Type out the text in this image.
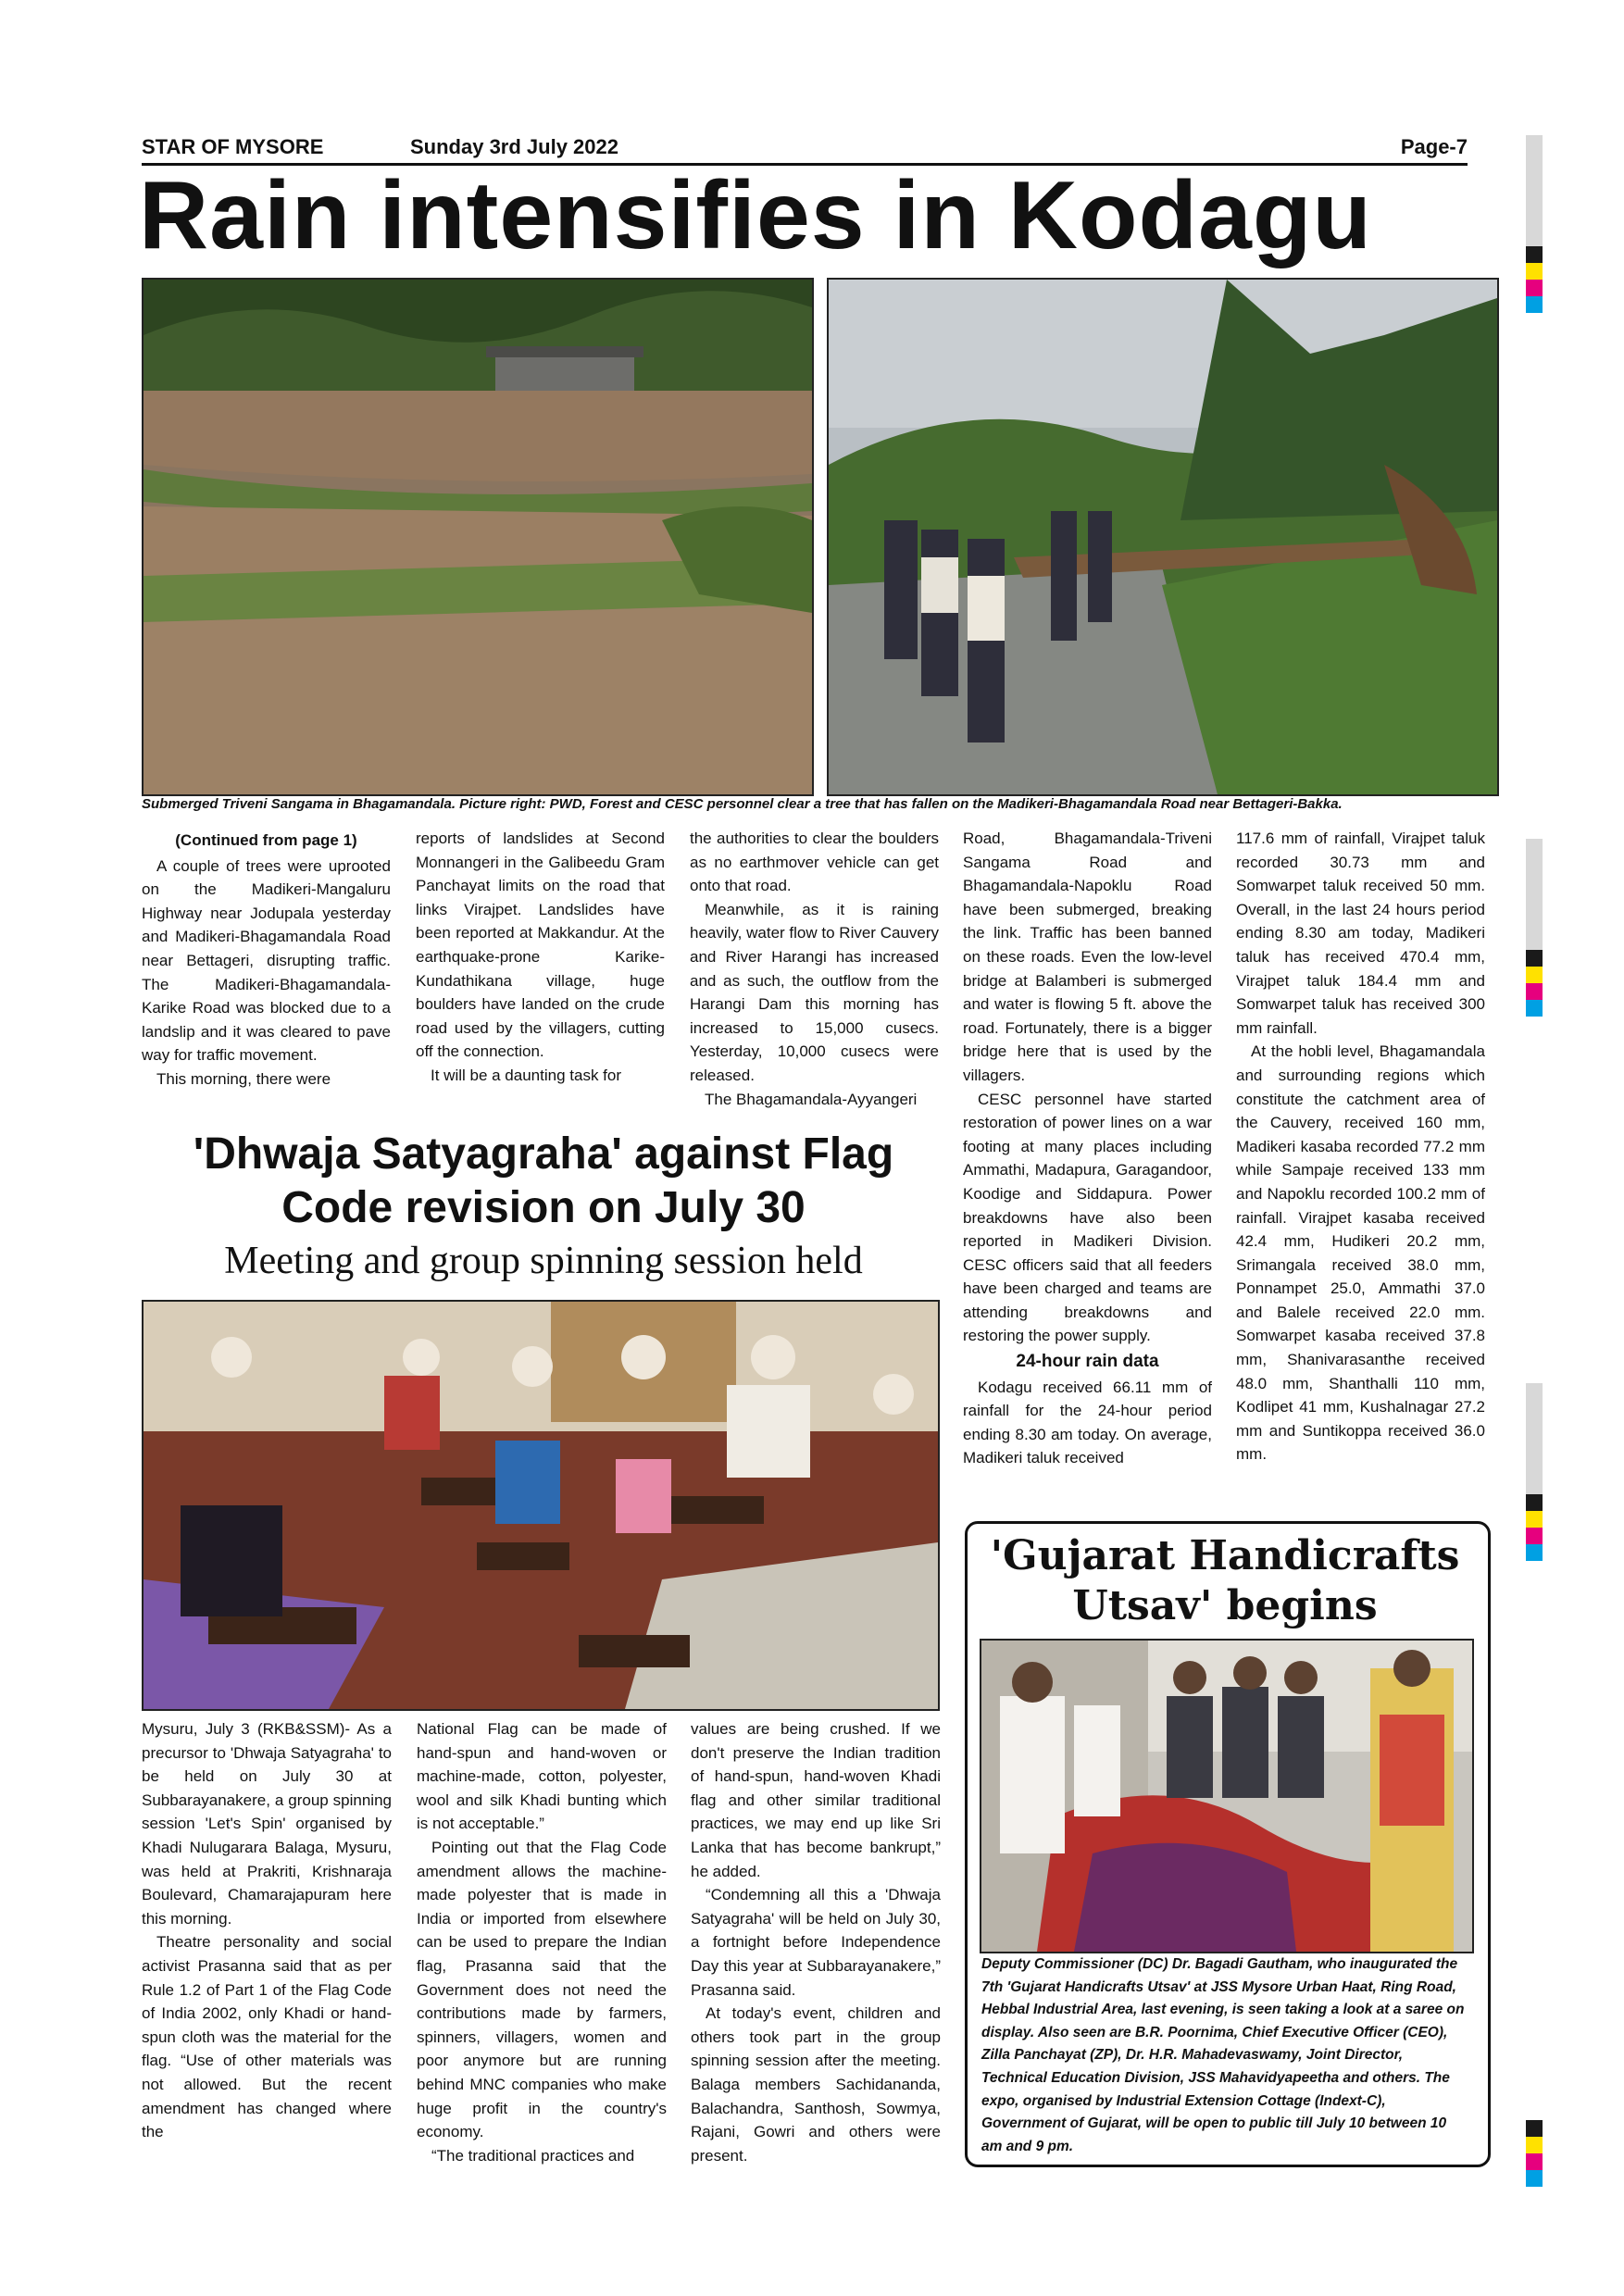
STAR OF MYSORE	Sunday 3rd July 2022	Page-7
Rain intensifies in Kodagu
Submerged Triveni Sangama in Bhagamandala. Picture right: PWD, Forest and CESC personnel clear a tree that has fallen on the Madikeri-Bhagamandala Road near Bettageri-Bakka.
(Continued from page 1)

A couple of trees were uprooted on the Madikeri-Mangaluru Highway near Jodupala yesterday and Madikeri-Bhagamandala Road near Bettageri, disrupting traffic. The Madikeri-Bhagamandala-Karike Road was blocked due to a landslip and it was cleared to pave way for traffic movement.

This morning, there were

reports of landslides at Second Monnangeri in the Galibeedu Gram Panchayat limits on the road that links Virajpet. Landslides have been reported at Makkandur. At the earthquake-prone Karike-Kundathikana village, huge boulders have landed on the crude road used by the villagers, cutting off the connection.

It will be a daunting task for

the authorities to clear the boulders as no earthmover vehicle can get onto that road.

Meanwhile, as it is raining heavily, water flow to River Cauvery and River Harangi has increased and as such, the outflow from the Harangi Dam this morning has increased to 15,000 cusecs. Yesterday, 10,000 cusecs were released.

The Bhagamandala-Ayyangeri

Road, Bhagamandala-Triveni Sangama Road and Bhagamandala-Napoklu Road have been submerged, breaking the link. Traffic has been banned on these roads. Even the low-level bridge at Balamberi is submerged and water is flowing 5 ft. above the road. Fortunately, there is a bigger bridge here that is used by the villagers.

CESC personnel have started restoration of power lines on a war footing at many places including Ammathi, Madapura, Garagandoor, Koodige and Siddapura. Power breakdowns have also been reported in Madikeri Division. CESC officers said that all feeders have been charged and teams are attending breakdowns and restoring the power supply.

24-hour rain data

Kodagu received 66.11 mm of rainfall for the 24-hour period ending 8.30 am today. On average, Madikeri taluk received

117.6 mm of rainfall, Virajpet taluk recorded 30.73 mm and Somwarpet taluk received 50 mm. Overall, in the last 24 hours period ending 8.30 am today, Madikeri taluk has received 470.4 mm, Virajpet taluk 184.4 mm and Somwarpet taluk has received 300 mm rainfall.

At the hobli level, Bhagamandala and surrounding regions which constitute the catchment area of the Cauvery, received 160 mm, Madikeri kasaba recorded 77.2 mm while Sampaje received 133 mm and Napoklu recorded 100.2 mm of rainfall. Virajpet kasaba received 42.4 mm, Hudikeri 20.2 mm, Srimangala received 38.0 mm, Ponnampet 25.0, Ammathi 37.0 and Balele received 22.0 mm. Somwarpet kasaba received 37.8 mm, Shanivarasanthe received 48.0 mm, Shanthalli 110 mm, Kodlipet 41 mm, Kushalnagar 27.2 mm and Suntikoppa received 36.0 mm.

'Dhwaja Satyagraha' against Flag
Code revision on July 30
Meeting and group spinning session held

Mysuru, July 3 (RKB&SSM)- As a precursor to 'Dhwaja Satyagraha' to be held on July 30 at Subbarayanakere, a group spinning session 'Let's Spin' organised by Khadi Nulugarara Balaga, Mysuru, was held at Prakriti, Krishnaraja Boulevard, Chamarajapuram here this morning.

Theatre personality and social activist Prasanna said that as per Rule 1.2 of Part 1 of the Flag Code of India 2002, only Khadi or hand-spun cloth was the material for the flag. “Use of other materials was not allowed. But the recent amendment has changed where the

National Flag can be made of hand-spun and hand-woven or machine-made, cotton, polyester, wool and silk Khadi bunting which is not acceptable.”

Pointing out that the Flag Code amendment allows the machine-made polyester that is made in India or imported from elsewhere can be used to prepare the Indian flag, Prasanna said that the Government does not need the contributions made by farmers, spinners, villagers, women and poor anymore but are running behind MNC companies who make huge profit in the country's economy.

“The traditional practices and

values are being crushed. If we don't preserve the Indian tradition of hand-spun, hand-woven Khadi flag and other similar traditional practices, we may end up like Sri Lanka that has become bankrupt,” he added.

“Condemning all this a 'Dhwaja Satyagraha' will be held on July 30, a fortnight before Independence Day this year at Subbarayanakere,” Prasanna said.

At today's event, children and others took part in the group spinning session after the meeting. Balaga members Sachidananda, Balachandra, Santhosh, Sowmya, Rajani, Gowri and others were present.

'Gujarat Handicrafts
Utsav' begins
Deputy Commissioner (DC) Dr. Bagadi Gautham, who inaugurated the 7th 'Gujarat Handicrafts Utsav' at JSS Mysore Urban Haat, Ring Road, Hebbal Industrial Area, last evening, is seen taking a look at a saree on display. Also seen are B.R. Poornima, Chief Executive Officer (CEO), Zilla Panchayat (ZP), Dr. H.R. Mahadevaswamy, Joint Director, Technical Education Division, JSS Mahavidyapeetha and others. The expo, organised by Industrial Extension Cottage (Indext-C), Government of Gujarat, will be open to public till July 10 between 10 am and 9 pm.
